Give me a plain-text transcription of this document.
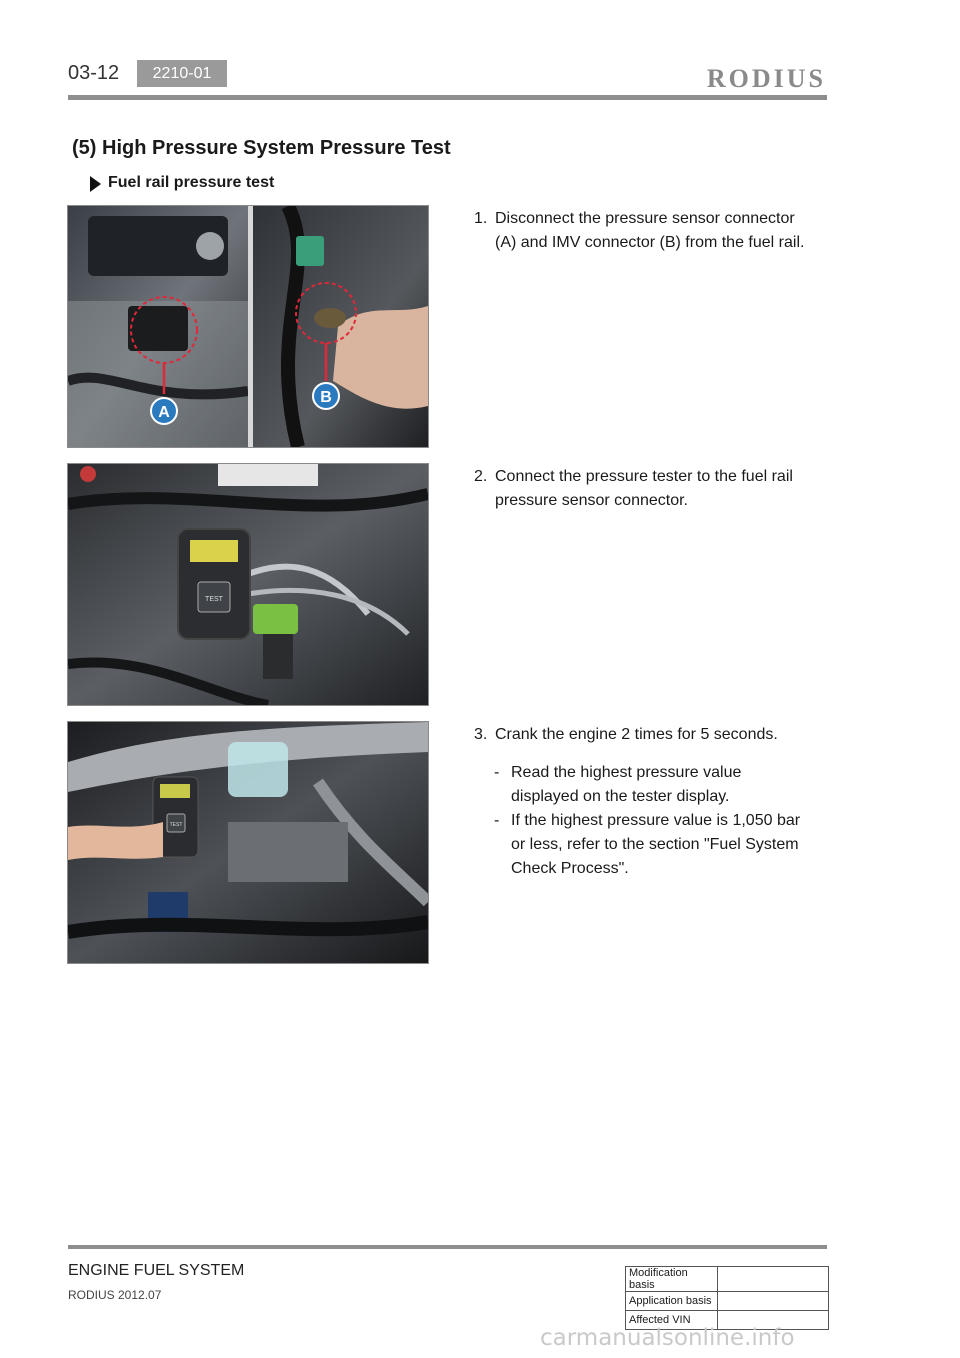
03-12	2210-01	RODIUS
(5) High Pressure System Pressure Test
Fuel rail pressure test
A
B
TEST
TEST
1. Disconnect the pressure sensor connector (A) and IMV connector (B) from the fuel rail.
2. Connect the pressure tester to the fuel rail pressure sensor connector.
3. Crank the engine 2 times for 5 seconds.
- Read the highest pressure value displayed on the tester display.
- If the highest pressure value is 1,050 bar or less, refer to the section "Fuel System Check Process".
ENGINE FUEL SYSTEM
RODIUS 2012.07
Modification basis	
Application basis	
Affected VIN	
carmanualsonline.info
